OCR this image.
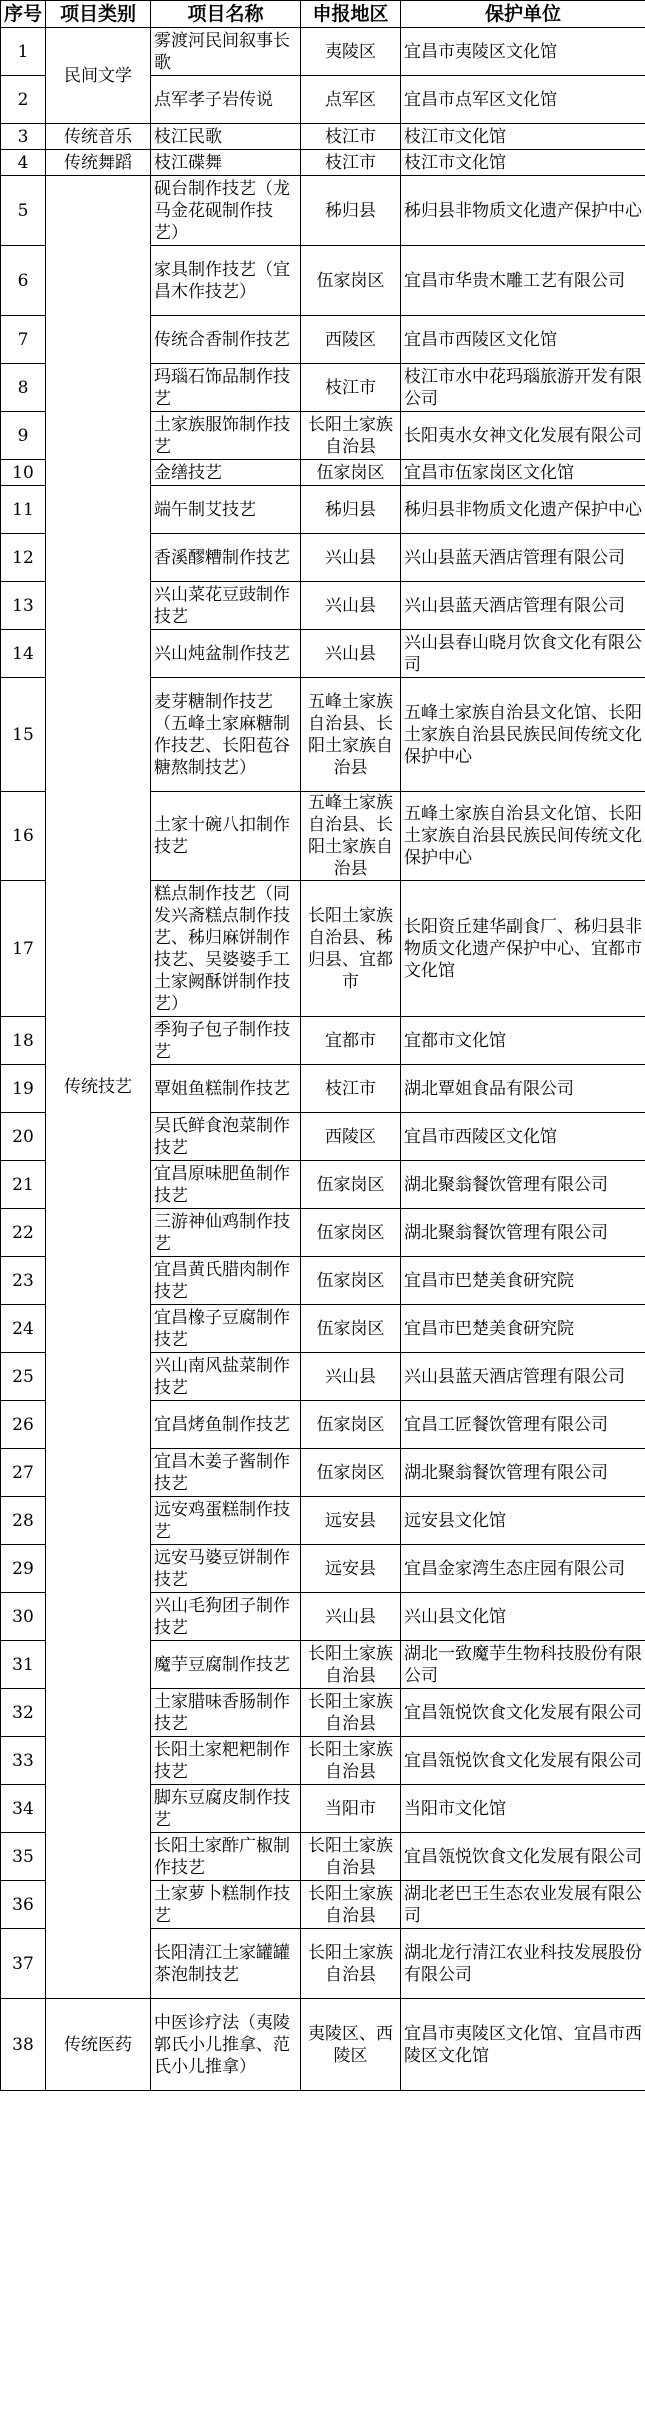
序号	项目类别	项目名称	申报地区	保护单位
1	民间文学	雾渡河民间叙事长歌	夷陵区	宜昌市夷陵区文化馆
2		点军孝子岩传说	点军区	宜昌市点军区文化馆
3	传统音乐	枝江民歌	枝江市	枝江市文化馆
4	传统舞蹈	枝江碟舞	枝江市	枝江市文化馆
5	传统技艺	砚台制作技艺（龙马金花砚制作技艺）	秭归县	秭归县非物质文化遗产保护中心
6		家具制作技艺（宜昌木作技艺）	伍家岗区	宜昌市华贵木雕工艺有限公司
7		传统合香制作技艺	西陵区	宜昌市西陵区文化馆
8		玛瑙石饰品制作技艺	枝江市	枝江市水中花玛瑙旅游开发有限公司
9		土家族服饰制作技艺	长阳土家族自治县	长阳夷水女神文化发展有限公司
10		金缮技艺	伍家岗区	宜昌市伍家岗区文化馆
11		端午制艾技艺	秭归县	秭归县非物质文化遗产保护中心
12		香溪醪糟制作技艺	兴山县	兴山县蓝天酒店管理有限公司
13		兴山菜花豆豉制作技艺	兴山县	兴山县蓝天酒店管理有限公司
14		兴山炖盆制作技艺	兴山县	兴山县春山晓月饮食文化有限公司
15		麦芽糖制作技艺（五峰土家麻糖制作技艺、长阳苞谷糖熬制技艺）	五峰土家族自治县、长阳土家族自治县	五峰土家族自治县文化馆、长阳土家族自治县民族民间传统文化保护中心
16		土家十碗八扣制作技艺	五峰土家族自治县、长阳土家族自治县	五峰土家族自治县文化馆、长阳土家族自治县民族民间传统文化保护中心
17		糕点制作技艺（同发兴斋糕点制作技艺、秭归麻饼制作技艺、吴婆婆手工土家阙酥饼制作技艺）	长阳土家族自治县、秭归县、宜都市	长阳资丘建华副食厂、秭归县非物质文化遗产保护中心、宜都市文化馆
18		季狗子包子制作技艺	宜都市	宜都市文化馆
19		覃姐鱼糕制作技艺	枝江市	湖北覃姐食品有限公司
20		吴氏鲜食泡菜制作技艺	西陵区	宜昌市西陵区文化馆
21		宜昌原味肥鱼制作技艺	伍家岗区	湖北聚翁餐饮管理有限公司
22		三游神仙鸡制作技艺	伍家岗区	湖北聚翁餐饮管理有限公司
23		宜昌黄氏腊肉制作技艺	伍家岗区	宜昌市巴楚美食研究院
24		宜昌橡子豆腐制作技艺	伍家岗区	宜昌市巴楚美食研究院
25		兴山南风盐菜制作技艺	兴山县	兴山县蓝天酒店管理有限公司
26		宜昌烤鱼制作技艺	伍家岗区	宜昌工匠餐饮管理有限公司
27		宜昌木姜子酱制作技艺	伍家岗区	湖北聚翁餐饮管理有限公司
28		远安鸡蛋糕制作技艺	远安县	远安县文化馆
29		远安马婆豆饼制作技艺	远安县	宜昌金家湾生态庄园有限公司
30		兴山毛狗团子制作技艺	兴山县	兴山县文化馆
31		魔芋豆腐制作技艺	长阳土家族自治县	湖北一致魔芋生物科技股份有限公司
32		土家腊味香肠制作技艺	长阳土家族自治县	宜昌瓴悦饮食文化发展有限公司
33		长阳土家粑粑制作技艺	长阳土家族自治县	宜昌瓴悦饮食文化发展有限公司
34		脚东豆腐皮制作技艺	当阳市	当阳市文化馆
35		长阳土家酢广椒制作技艺	长阳土家族自治县	宜昌瓴悦饮食文化发展有限公司
36		土家萝卜糕制作技艺	长阳土家族自治县	湖北老巴王生态农业发展有限公司
37		长阳清江土家罐罐茶泡制技艺	长阳土家族自治县	湖北龙行清江农业科技发展股份有限公司
38	传统医药	中医诊疗法（夷陵郭氏小儿推拿、范氏小儿推拿）	夷陵区、西陵区	宜昌市夷陵区文化馆、宜昌市西陵区文化馆
